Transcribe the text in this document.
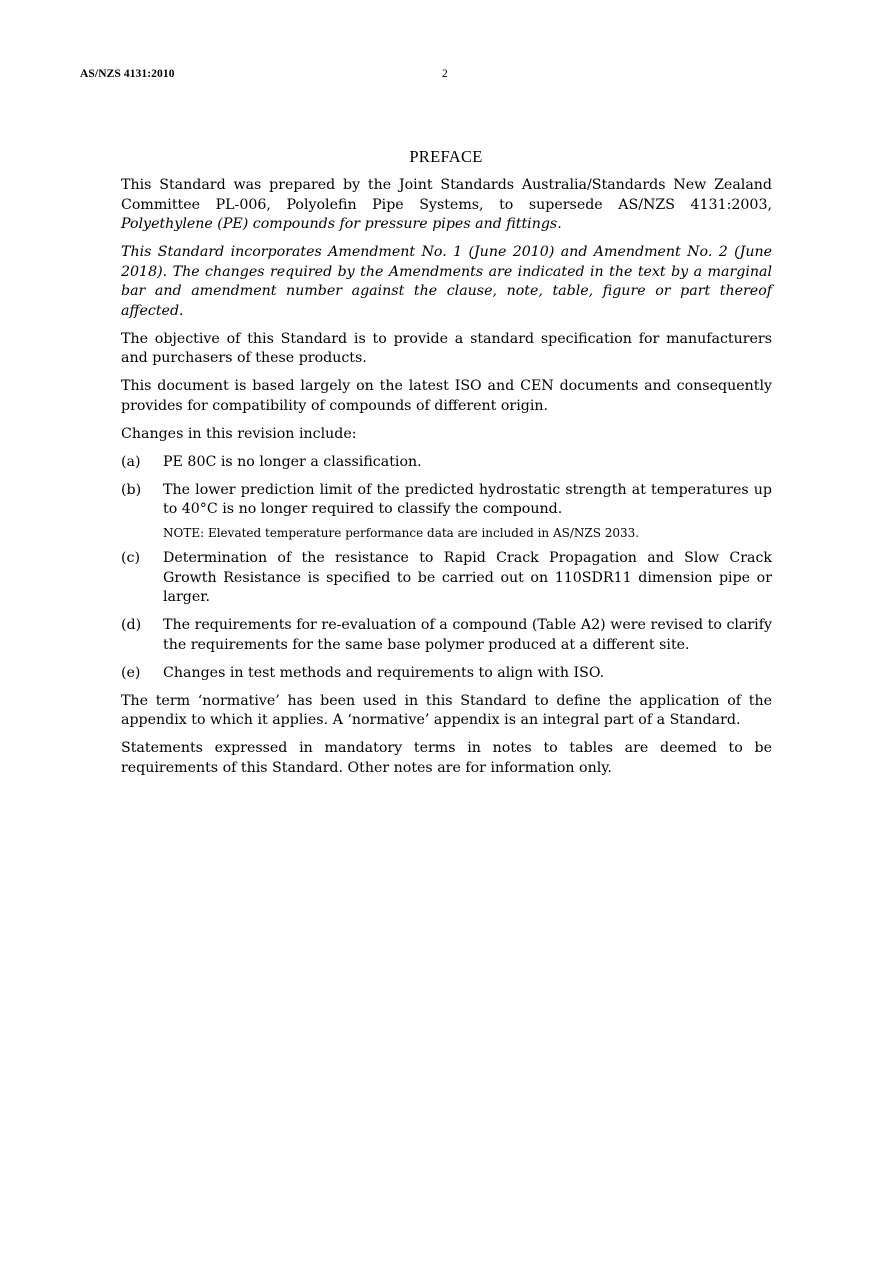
AS/NZS 4131:2010	2
PREFACE

This Standard was prepared by the Joint Standards Australia/Standards New Zealand Committee PL-006, Polyolefin Pipe Systems, to supersede AS/NZS 4131:2003, Polyethylene (PE) compounds for pressure pipes and fittings.

This Standard incorporates Amendment No. 1 (June 2010) and Amendment No. 2 (June 2018). The changes required by the Amendments are indicated in the text by a marginal bar and amendment number against the clause, note, table, figure or part thereof affected.

The objective of this Standard is to provide a standard specification for manufacturers and purchasers of these products.

This document is based largely on the latest ISO and CEN documents and consequently provides for compatibility of compounds of different origin.

Changes in this revision include:

(a) PE 80C is no longer a classification.
(b) The lower prediction limit of the predicted hydrostatic strength at temperatures up to 40°C is no longer required to classify the compound.
NOTE: Elevated temperature performance data are included in AS/NZS 2033.
(c) Determination of the resistance to Rapid Crack Propagation and Slow Crack Growth Resistance is specified to be carried out on 110SDR11 dimension pipe or larger.
(d) The requirements for re-evaluation of a compound (Table A2) were revised to clarify the requirements for the same base polymer produced at a different site.
(e) Changes in test methods and requirements to align with ISO.

The term ‘normative’ has been used in this Standard to define the application of the appendix to which it applies. A ‘normative’ appendix is an integral part of a Standard.

Statements expressed in mandatory terms in notes to tables are deemed to be requirements of this Standard. Other notes are for information only.
